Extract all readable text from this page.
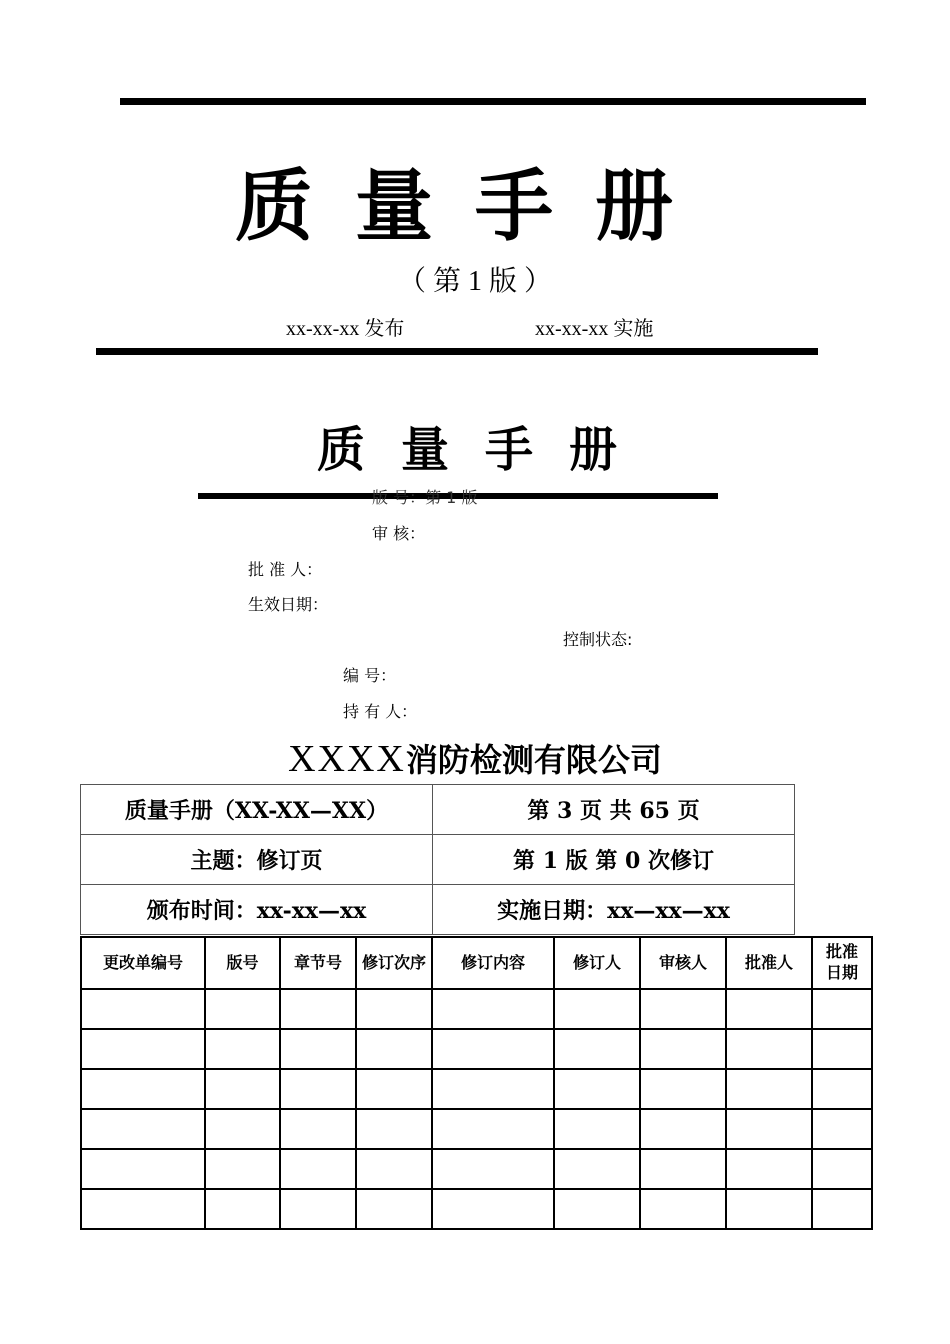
质量手册
（ 第 1 版 ）
xx-xx-xx 发布	xx-xx-xx 实施
质量手册
版 号：第 1 版
审 核：
批 准 人：
生效日期：
控制状态:
编 号：
持 有 人：
XXXX消防检测有限公司
质量手册（XX-XX—XX）	第 3 页 共 65 页
主题：修订页	第 1 版 第 0 次修订
颁布时间：xx-xx—xx	实施日期：xx—xx—xx
更改单编号	版号	章节号	修订次序	修订内容	修订人	审核人	批准人	批准日期
